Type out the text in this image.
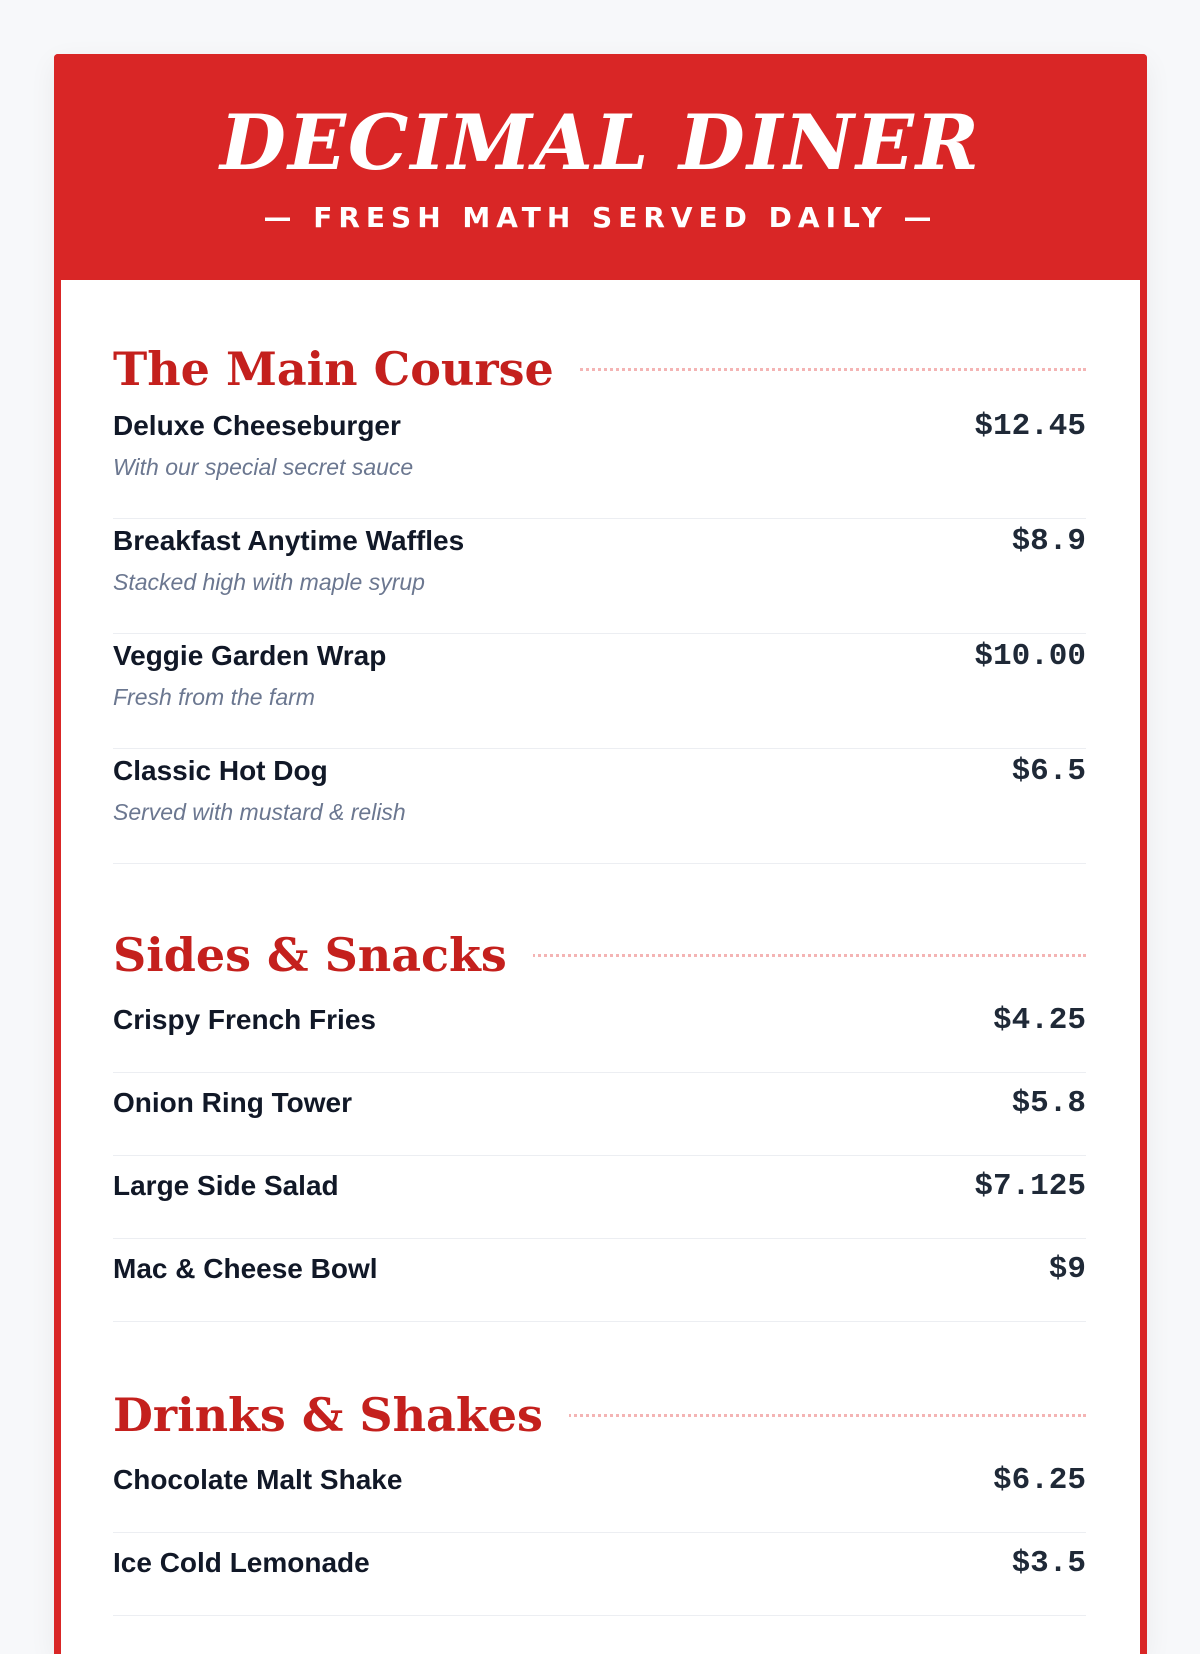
DECIMAL DINER
— FRESH MATH SERVED DAILY —
The Main Course
Deluxe Cheeseburger
With our special secret sauce
$12.45
Breakfast Anytime Waffles
Stacked high with maple syrup
$8.9
Veggie Garden Wrap
Fresh from the farm
$10.00
Classic Hot Dog
Served with mustard & relish
$6.5
Sides & Snacks
Crispy French Fries	$4.25
Onion Ring Tower	$5.8
Large Side Salad	$7.125
Mac & Cheese Bowl	$9
Drinks & Shakes
Chocolate Malt Shake	$6.25
Ice Cold Lemonade	$3.5
